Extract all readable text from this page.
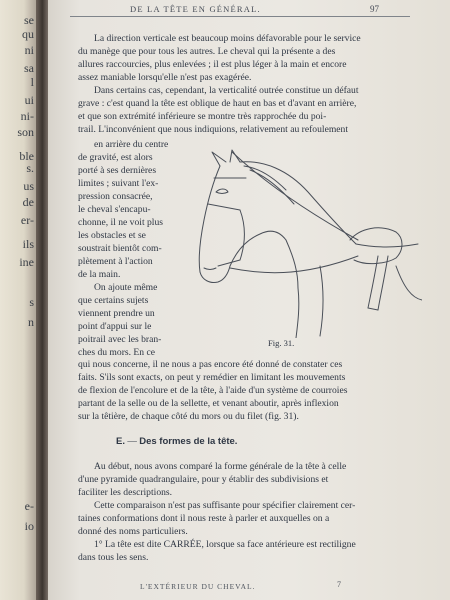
se
qu
ni
sa
l
ui
ni-
son
ble
s.
us
de
er-
ils
ine
s
n
e-
io
DE LA TÊTE EN GÉNÉRAL.	97
La direction verticale est beaucoup moins défavorable pour le service
du manège que pour tous les autres. Le cheval qui la présente a des
allures raccourcies, plus enlevées ; il est plus léger à la main et encore
assez maniable lorsqu'elle n'est pas exagérée.
Dans certains cas, cependant, la verticalité outrée constitue un défaut
grave : c'est quand la tête est oblique de haut en bas et d'avant en arrière,
et que son extrémité inférieure se montre très rapprochée du poi-
trail. L'inconvénient que nous indiquions, relativement au refoulement
en arrière du centre
de gravité, est alors
porté à ses dernières
limites ; suivant l'ex-
pression consacrée,
le cheval s'encapu-
chonne, il ne voit plus
les obstacles et se
soustrait bientôt com-
plètement à l'action
de la main.
On ajoute même
que certains sujets
viennent prendre un
point d'appui sur le
poitrail avec les bran-
ches du mors. En ce
Fig. 31.
qui nous concerne, il ne nous a pas encore été donné de constater ces
faits. S'ils sont exacts, on peut y remédier en limitant les mouvements
de flexion de l'encolure et de la tête, à l'aide d'un système de courroies
partant de la selle ou de la sellette, et venant aboutir, après inflexion
sur la têtière, de chaque côté du mors ou du filet (fig. 31).
E. — Des formes de la tête.
Au début, nous avons comparé la forme générale de la tête à celle
d'une pyramide quadrangulaire, pour y établir des subdivisions et
faciliter les descriptions.
Cette comparaison n'est pas suffisante pour spécifier clairement cer-
taines conformations dont il nous reste à parler et auxquelles on a
donné des noms particuliers.
1° La tête est dite CARRÉE, lorsque sa face antérieure est rectiligne
dans tous les sens.
L'EXTÉRIEUR DU CHEVAL.	7
